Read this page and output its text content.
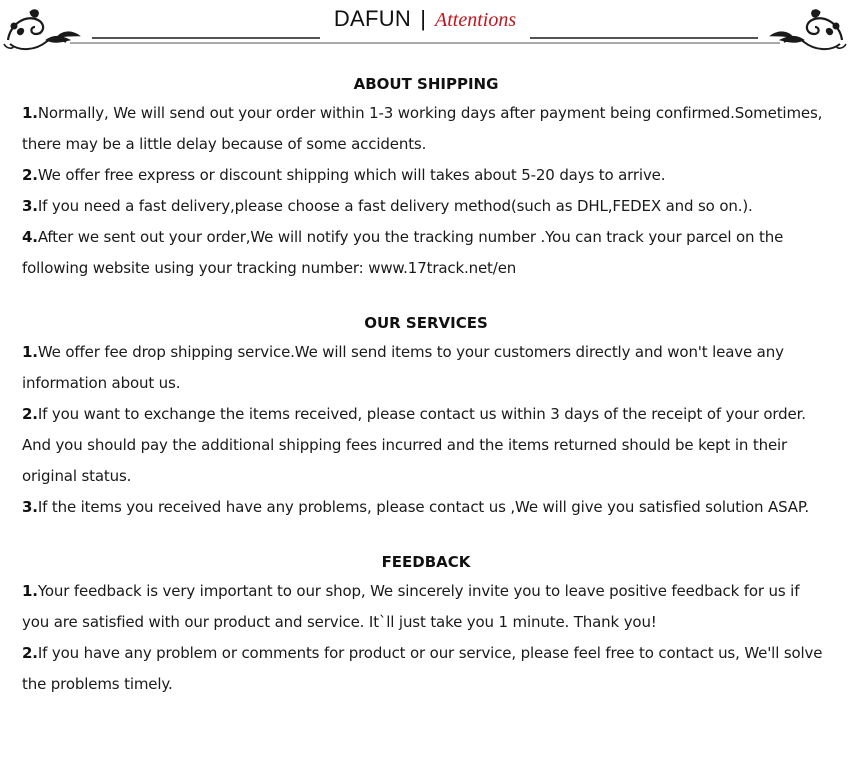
DAFUN | Attentions
ABOUT SHIPPING

1.Normally, We will send out your order within 1-3 working days after payment being confirmed.Sometimes, there may be a little delay because of some accidents.

2.We offer free express or discount shipping which will takes about 5-20 days to arrive.

3.If you need a fast delivery,please choose a fast delivery method(such as DHL,FEDEX and so on.).

4.After we sent out your order,We will notify you the tracking number .You can track your parcel on the following website using your tracking number: www.17track.net/en

OUR SERVICES

1.We offer fee drop shipping service.We will send items to your customers directly and won't leave any information about us.

2.If you want to exchange the items received, please contact us within 3 days of the receipt of your order. And you should pay the additional shipping fees incurred and the items returned should be kept in their original status.

3.If the items you received have any problems, please contact us ,We will give you satisfied solution ASAP.

FEEDBACK

1.Your feedback is very important to our shop, We sincerely invite you to leave positive feedback for us if you are satisfied with our product and service. It`ll just take you 1 minute. Thank you!

2.If you have any problem or comments for product or our service, please feel free to contact us, We'll solve the problems timely.
